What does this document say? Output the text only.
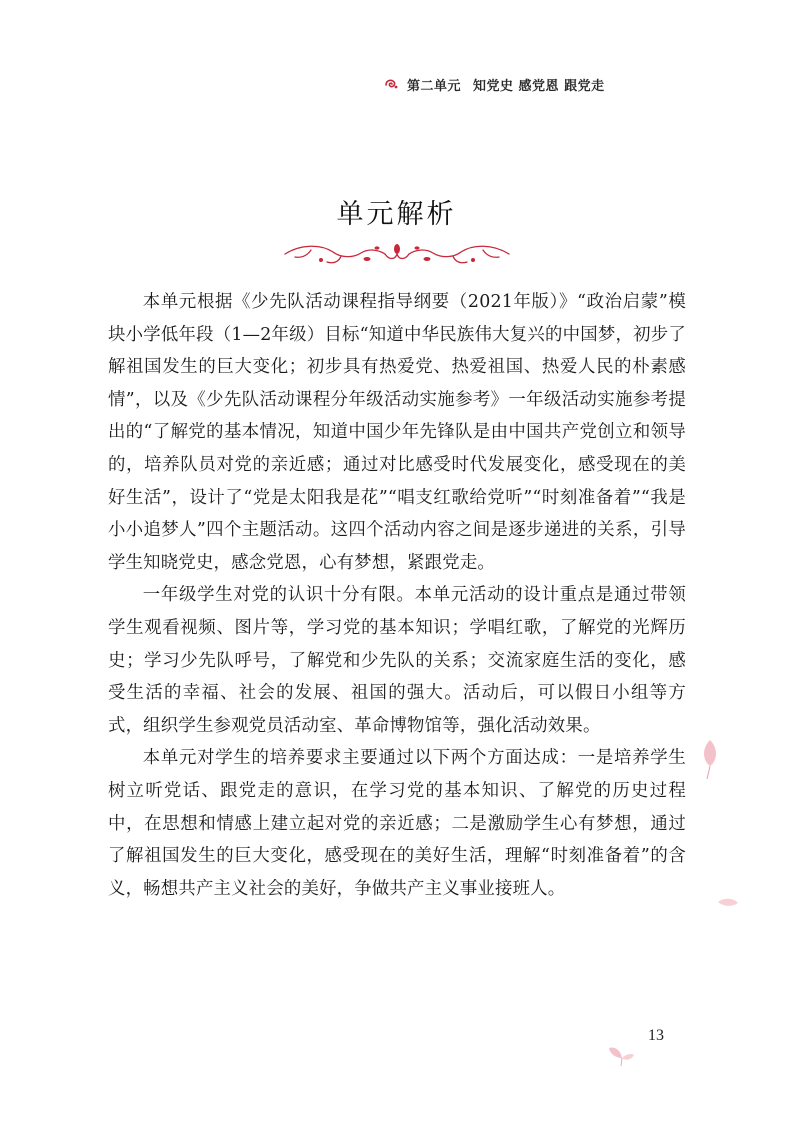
第二单元 知党史 感党恩 跟党走
单元解析

本单元根据《少先队活动课程指导纲要（2021年版）》“政治启蒙”模块小学低年段（1—2年级）目标“知道中华民族伟大复兴的中国梦，初步了解祖国发生的巨大变化；初步具有热爱党、热爱祖国、热爱人民的朴素感情”，以及《少先队活动课程分年级活动实施参考》一年级活动实施参考提出的“了解党的基本情况，知道中国少年先锋队是由中国共产党创立和领导的，培养队员对党的亲近感；通过对比感受时代发展变化，感受现在的美好生活”，设计了“党是太阳我是花”“唱支红歌给党听”“时刻准备着”“我是小小追梦人”四个主题活动。这四个活动内容之间是逐步递进的关系，引导学生知晓党史，感念党恩，心有梦想，紧跟党走。

一年级学生对党的认识十分有限。本单元活动的设计重点是通过带领学生观看视频、图片等，学习党的基本知识；学唱红歌，了解党的光辉历史；学习少先队呼号，了解党和少先队的关系；交流家庭生活的变化，感受生活的幸福、社会的发展、祖国的强大。活动后，可以假日小组等方式，组织学生参观党员活动室、革命博物馆等，强化活动效果。

本单元对学生的培养要求主要通过以下两个方面达成：一是培养学生树立听党话、跟党走的意识，在学习党的基本知识、了解党的历史过程中，在思想和情感上建立起对党的亲近感；二是激励学生心有梦想，通过了解祖国发生的巨大变化，感受现在的美好生活，理解“时刻准备着”的含义，畅想共产主义社会的美好，争做共产主义事业接班人。

13
